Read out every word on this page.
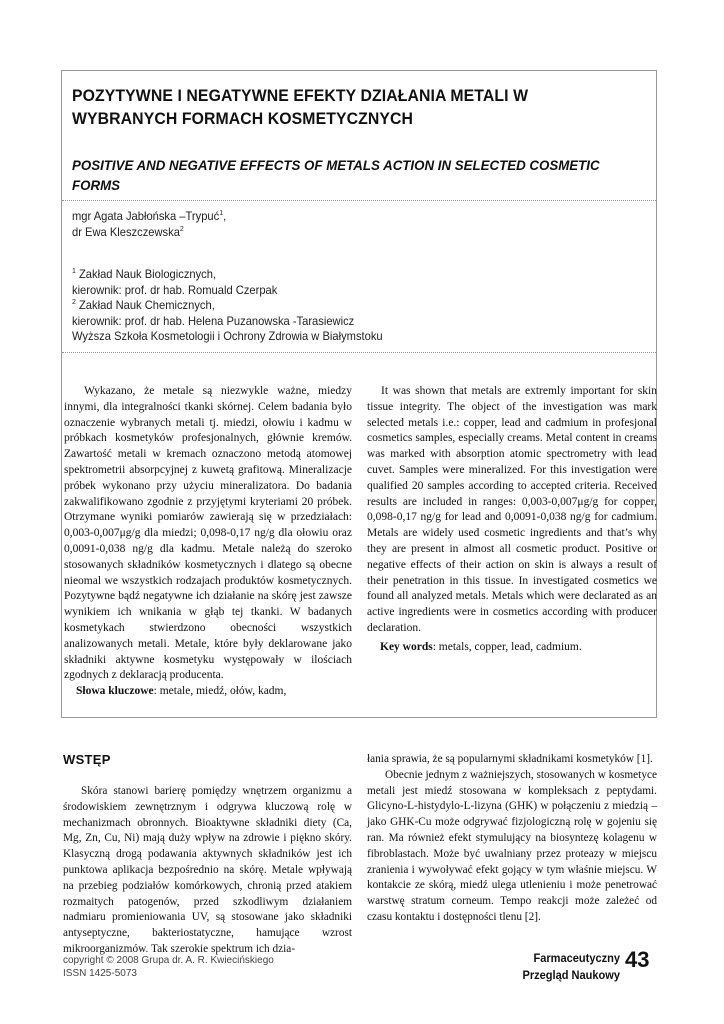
POZYTYWNE I NEGATYWNE EFEKTY DZIAŁANIA METALI W WYBRANYCH FORMACH KOSMETYCZNYCH
POSITIVE AND NEGATIVE EFFECTS OF METALS ACTION IN SELECTED COSMETIC FORMS
mgr Agata Jabłońska –Trypuć$^1$,
dr Ewa Kleszczewska$^2$
$^1$ Zakład Nauk Biologicznych,
kierownik: prof. dr hab. Romuald Czerpak
$^2$ Zakład Nauk Chemicznych,
kierownik: prof. dr hab. Helena Puzanowska -Tarasiewicz
Wyższa Szkoła Kosmetologii i Ochrony Zdrowia w Białymstoku

Wykazano, że metale są niezwykle ważne, miedzy innymi, dla integralności tkanki skórnej. Celem badania było oznaczenie wybranych metali tj. miedzi, ołowiu i kadmu w próbkach kosmetyków profesjonalnych, głównie kremów. Zawartość metali w kremach oznaczono metodą atomowej spektrometrii absorpcyjnej z kuwetą grafitową. Mineralizacje próbek wykonano przy użyciu mineralizatora. Do badania zakwalifikowano zgodnie z przyjętymi kryteriami 20 próbek. Otrzymane wyniki pomiarów zawierają się w przedziałach: 0,003-0,007μg/g dla miedzi; 0,098-0,17 ng/g dla ołowiu oraz 0,0091-0,038 ng/g dla kadmu. Metale należą do szeroko stosowanych składników kosmetycznych i dlatego są obecne nieomal we wszystkich rodzajach produktów kosmetycznych. Pozytywne bądź negatywne ich działanie na skórę jest zawsze wynikiem ich wnikania w głąb tej tkanki. W badanych kosmetykach stwierdzono obecności wszystkich analizowanych metali. Metale, które były deklarowane jako składniki aktywne kosmetyku występowały w ilościach zgodnych z deklaracją producenta.

Słowa kluczowe: metale, miedź, ołów, kadm,

It was shown that metals are extremly important for skin tissue integrity. The object of the investigation was mark selected metals i.e.: copper, lead and cadmium in profesjonal cosmetics samples, especially creams. Metal content in creams was marked with absorption atomic spectrometry with lead cuvet. Samples were mineralized. For this investigation were qualified 20 samples according to accepted criteria. Received results are included in ranges: 0,003-0,007μg/g for copper, 0,098-0,17 ng/g for lead and 0,0091-0,038 ng/g for cadmium. Metals are widely used cosmetic ingredients and that’s why they are present in almost all cosmetic product. Positive or negative effects of their action on skin is always a result of their penetration in this tissue. In investigated cosmetics we found all analyzed metals. Metals which were declarated as an active ingredients were in cosmetics according with producer declaration.

Key words: metals, copper, lead, cadmium.
WSTĘP

Skóra stanowi barierę pomiędzy wnętrzem organizmu a środowiskiem zewnętrznym i odgrywa kluczową rolę w mechanizmach obronnych. Bioaktywne składniki diety (Ca, Mg, Zn, Cu, Ni) mają duży wpływ na zdrowie i piękno skóry. Klasyczną drogą podawania aktywnych składników jest ich punktowa aplikacja bezpośrednio na skórę. Metale wpływają na przebieg podziałów komórkowych, chronią przed atakiem rozmaitych patogenów, przed szkodliwym działaniem nadmiaru promieniowania UV, są stosowane jako składniki antyseptyczne, bakteriostatyczne, hamujące wzrost mikroorganizmów. Tak szerokie spektrum ich dzia-

łania sprawia, że są popularnymi składnikami kosmetyków [1].

Obecnie jednym z ważniejszych, stosowanych w kosmetyce metali jest miedź stosowana w kompleksach z peptydami. Glicyno-L-histydylo-L-lizyna (GHK) w połączeniu z miedzią – jako GHK-Cu może odgrywać fizjologiczną rolę w gojeniu się ran. Ma również efekt stymulujący na biosyntezę kolagenu w fibroblastach. Może być uwalniany przez proteazy w miejscu zranienia i wywoływać efekt gojący w tym właśnie miejscu. W kontakcie ze skórą, miedź ulega utlenieniu i może penetrować warstwę stratum corneum. Tempo reakcji może zależeć od czasu kontaktu i dostępności tlenu [2].

copyright © 2008 Grupa dr. A. R. Kwiecińskiego
ISSN 1425-5073
Farmaceutyczny
Przegląd Naukowy
43
